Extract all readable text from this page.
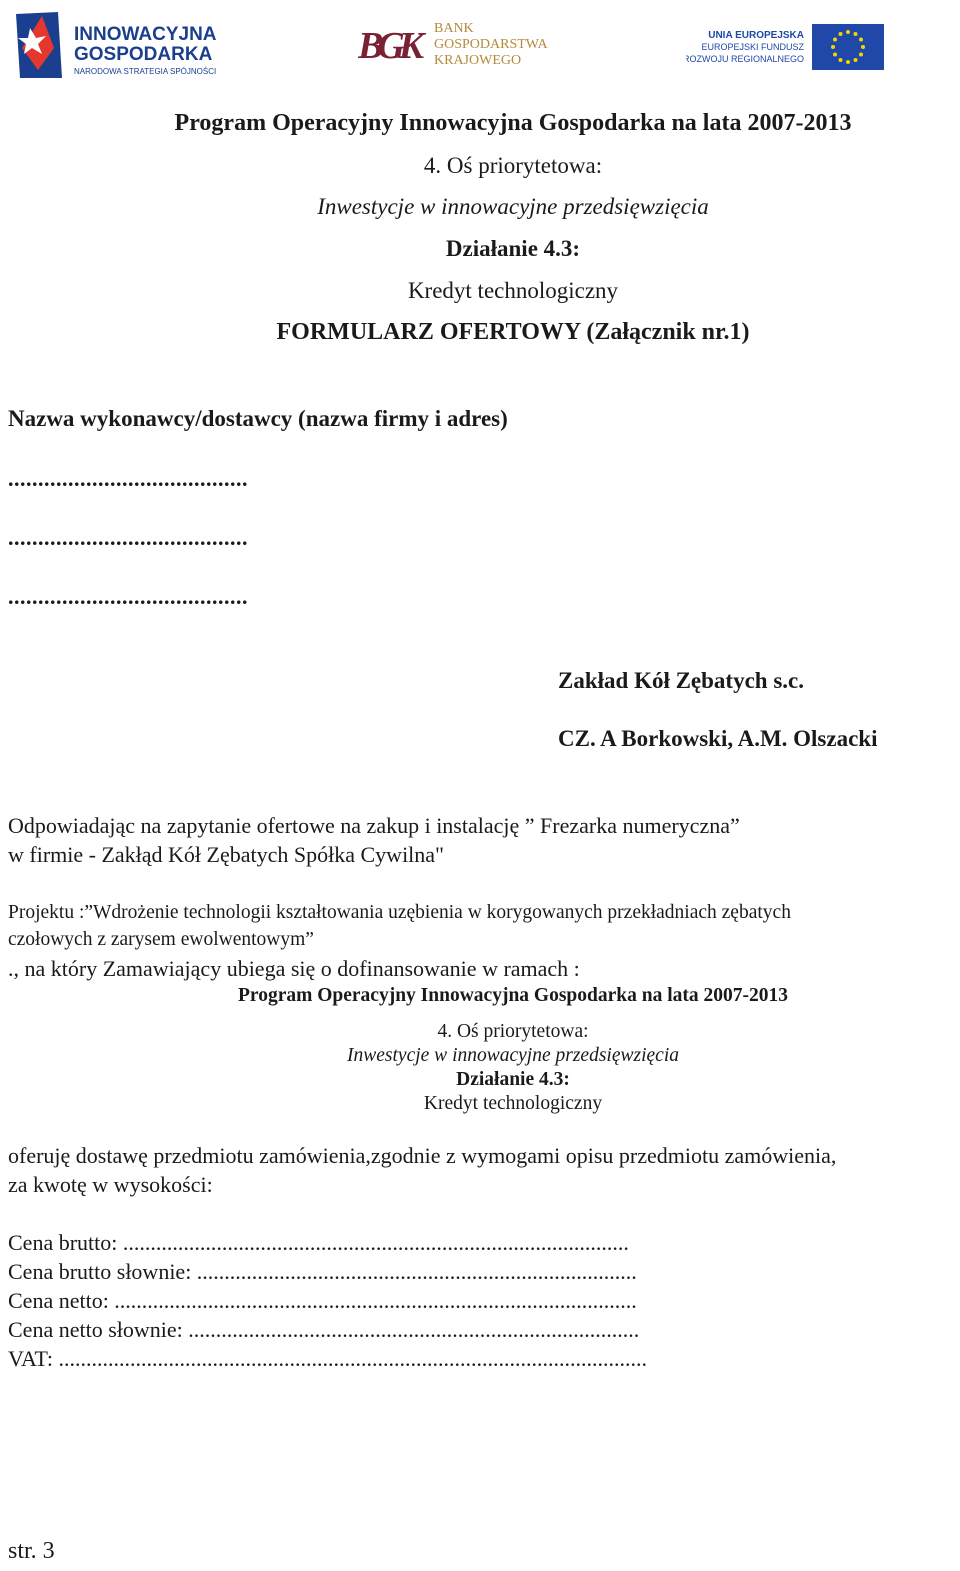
INNOWACYJNA
GOSPODARKA
NARODOWA STRATEGIA SPÓJNOŚCI
BGK	BANK
GOSPODARSTWA
KRAJOWEGO
UNIA EUROPEJSKA
EUROPEJSKI FUNDUSZ
ROZWOJU REGIONALNEGO
Program Operacyjny Innowacyjna Gospodarka na lata 2007-2013
4. Oś priorytetowa:
Inwestycje w innowacyjne przedsięwzięcia
Działanie 4.3:
Kredyt technologiczny
FORMULARZ OFERTOWY (Załącznik nr.1)
Nazwa wykonawcy/dostawcy (nazwa firmy i adres)
........................................
........................................
........................................
Zakład Kół Zębatych s.c.
CZ. A Borkowski, A.M. Olszacki
Odpowiadając na zapytanie ofertowe na zakup i instalację ” Frezarka numeryczna”
w firmie - Zakłąd Kół Zębatych Spółka Cywilna"
Projektu :”Wdrożenie technologii kształtowania uzębienia w korygowanych przekładniach zębatych
czołowych z zarysem ewolwentowym”
., na który Zamawiający ubiega się o dofinansowanie w ramach :
Program Operacyjny Innowacyjna Gospodarka na lata 2007-2013
4. Oś priorytetowa:
Inwestycje w innowacyjne przedsięwzięcia
Działanie 4.3:
Kredyt technologiczny
oferuję dostawę przedmiotu zamówienia,zgodnie z wymogami opisu przedmiotu zamówienia,
za kwotę w wysokości:
Cena brutto: ............................................................................................
Cena brutto słownie: ................................................................................
Cena netto: ...............................................................................................
Cena netto słownie: ..................................................................................
VAT: ...........................................................................................................
str. 3
